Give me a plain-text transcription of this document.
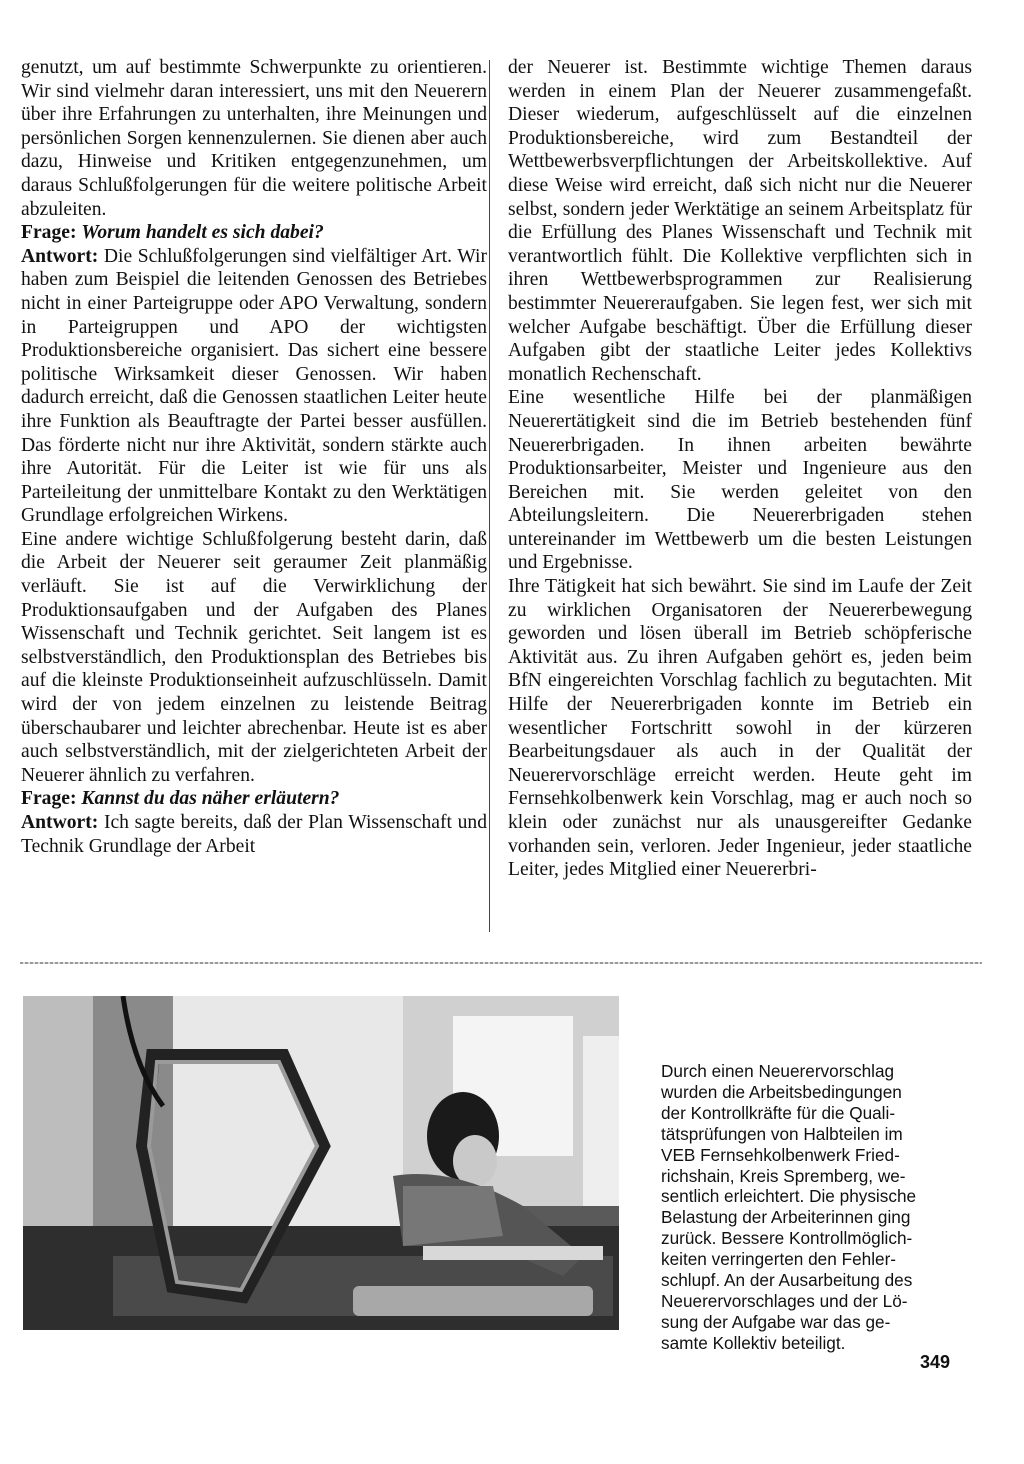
genutzt, um auf bestimmte Schwerpunkte zu orientieren. Wir sind vielmehr daran interessiert, uns mit den Neuerern über ihre Erfahrungen zu unterhalten, ihre Meinungen und persönlichen Sorgen kennenzulernen. Sie dienen aber auch dazu, Hinweise und Kritiken entgegenzunehmen, um daraus Schlußfolgerungen für die weitere politische Arbeit abzuleiten.

Frage: Worum handelt es sich dabei?

Antwort: Die Schlußfolgerungen sind vielfältiger Art. Wir haben zum Beispiel die leitenden Genossen des Betriebes nicht in einer Parteigruppe oder APO Verwaltung, sondern in Parteigruppen und APO der wichtigsten Produktionsbereiche organisiert. Das sichert eine bessere politische Wirksamkeit dieser Genossen. Wir haben dadurch erreicht, daß die Genossen staatlichen Leiter heute ihre Funktion als Beauftragte der Partei besser ausfüllen. Das förderte nicht nur ihre Aktivität, sondern stärkte auch ihre Autorität. Für die Leiter ist wie für uns als Parteileitung der unmittelbare Kontakt zu den Werktätigen Grundlage erfolgreichen Wirkens.

Eine andere wichtige Schlußfolgerung besteht darin, daß die Arbeit der Neuerer seit geraumer Zeit planmäßig verläuft. Sie ist auf die Verwirklichung der Produktionsaufgaben und der Aufgaben des Planes Wissenschaft und Technik gerichtet. Seit langem ist es selbstverständlich, den Produktionsplan des Betriebes bis auf die kleinste Produktionseinheit aufzuschlüsseln. Damit wird der von jedem einzelnen zu leistende Beitrag überschaubarer und leichter abrechenbar. Heute ist es aber auch selbstverständlich, mit der zielgerichteten Arbeit der Neuerer ähnlich zu verfahren.

Frage: Kannst du das näher erläutern?

Antwort: Ich sagte bereits, daß der Plan Wissenschaft und Technik Grundlage der Arbeit

der Neuerer ist. Bestimmte wichtige Themen daraus werden in einem Plan der Neuerer zusammengefaßt. Dieser wiederum, aufgeschlüsselt auf die einzelnen Produktionsbereiche, wird zum Bestandteil der Wettbewerbsverpflichtungen der Arbeitskollektive. Auf diese Weise wird erreicht, daß sich nicht nur die Neuerer selbst, sondern jeder Werktätige an seinem Arbeitsplatz für die Erfüllung des Planes Wissenschaft und Technik mit verantwortlich fühlt. Die Kollektive verpflichten sich in ihren Wettbewerbsprogrammen zur Realisierung bestimmter Neuereraufgaben. Sie legen fest, wer sich mit welcher Aufgabe beschäftigt. Über die Erfüllung dieser Aufgaben gibt der staatliche Leiter jedes Kollektivs monatlich Rechenschaft.

Eine wesentliche Hilfe bei der planmäßigen Neuerertätigkeit sind die im Betrieb bestehenden fünf Neuererbrigaden. In ihnen arbeiten bewährte Produktionsarbeiter, Meister und Ingenieure aus den Bereichen mit. Sie werden geleitet von den Abteilungsleitern. Die Neuererbrigaden stehen untereinander im Wettbewerb um die besten Leistungen und Ergebnisse.

Ihre Tätigkeit hat sich bewährt. Sie sind im Laufe der Zeit zu wirklichen Organisatoren der Neuererbewegung geworden und lösen überall im Betrieb schöpferische Aktivität aus. Zu ihren Aufgaben gehört es, jeden beim BfN eingereichten Vorschlag fachlich zu begutachten. Mit Hilfe der Neuererbrigaden konnte im Betrieb ein wesentlicher Fortschritt sowohl in der kürzeren Bearbeitungsdauer als auch in der Qualität der Neuerervorschläge erreicht werden. Heute geht im Fernsehkolbenwerk kein Vorschlag, mag er auch noch so klein oder zunächst nur als unausgereifter Gedanke vorhanden sein, verloren. Jeder Ingenieur, jeder staatliche Leiter, jedes Mitglied einer Neuererbri-

Durch einen Neuerervorschlag
wurden die Arbeitsbedingungen
der Kontrollkräfte für die Quali-
tätsprüfungen von Halbteilen im
VEB Fernsehkolbenwerk Fried-
richshain, Kreis Spremberg, we-
sentlich erleichtert. Die physische
Belastung der Arbeiterinnen ging
zurück. Bessere Kontrollmöglich-
keiten verringerten den Fehler-
schlupf. An der Ausarbeitung des
Neuerervorschlages und der Lö-
sung der Aufgabe war das ge-
samte Kollektiv beteiligt.
349
